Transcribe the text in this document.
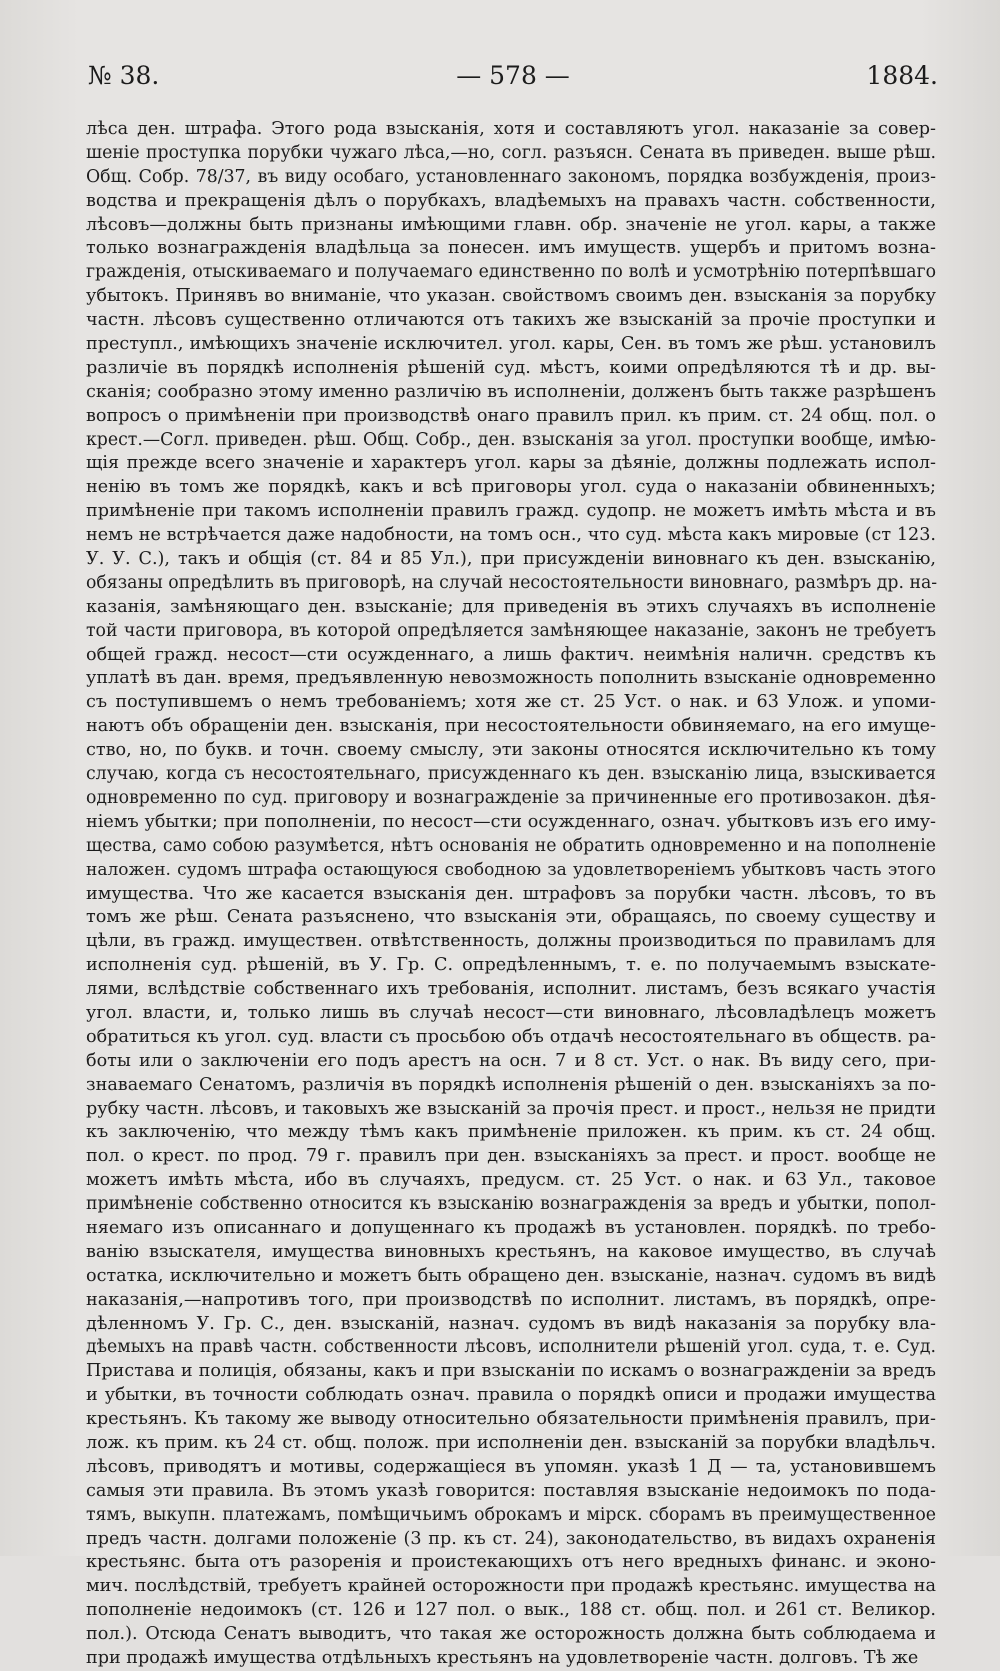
№ 38.	— 578 —	1884.
лѣса ден. штрафа. Этого рода взысканія, хотя и составляютъ угол. наказаніе за совер-
шеніе проступка порубки чужаго лѣса,—но, согл. разъясн. Сената въ приведен. выше рѣш.
Общ. Собр. 78/37, въ виду особаго, установленнаго закономъ, порядка возбужденія, произ-
водства и прекращенія дѣлъ о порубкахъ, владѣемыхъ на правахъ частн. собственности,
лѣсовъ—должны быть признаны имѣющими главн. обр. значеніе не угол. кары, а также
только вознагражденія владѣльца за понесен. имъ имуществ. ущербъ и притомъ возна-
гражденія, отыскиваемаго и получаемаго единственно по волѣ и усмотрѣнію потерпѣвшаго
убытокъ. Принявъ во вниманіе, что указан. свойствомъ своимъ ден. взысканія за порубку
частн. лѣсовъ существенно отличаются отъ такихъ же взысканій за прочіе проступки и
преступл., имѣющихъ значеніе исключител. угол. кары, Сен. въ томъ же рѣш. установилъ
различіе въ порядкѣ исполненія рѣшеній суд. мѣстъ, коими опредѣляются тѣ и др. вы-
сканія; сообразно этому именно различію въ исполненіи, долженъ быть также разрѣшенъ
вопросъ о примѣненіи при производствѣ онаго правилъ прил. къ прим. ст. 24 общ. пол. о
крест.—Согл. приведен. рѣш. Общ. Собр., ден. взысканія за угол. проступки вообще, имѣю-
щія прежде всего значеніе и характеръ угол. кары за дѣяніе, должны подлежать испол-
ненію въ томъ же порядкѣ, какъ и всѣ приговоры угол. суда о наказаніи обвиненныхъ;
примѣненіе при такомъ исполненіи правилъ гражд. судопр. не можетъ имѣть мѣста и въ
немъ не встрѣчается даже надобности, на томъ осн., что суд. мѣста какъ мировые (ст 123.
У. У. С.), такъ и общія (ст. 84 и 85 Ул.), при присужденіи виновнаго къ ден. взысканію,
обязаны опредѣлить въ приговорѣ, на случай несостоятельности виновнаго, размѣръ др. на-
казанія, замѣняющаго ден. взысканіе; для приведенія въ этихъ случаяхъ въ исполненіе
той части приговора, въ которой опредѣляется замѣняющее наказаніе, законъ не требуетъ
общей гражд. несост—сти осужденнаго, а лишь фактич. неимѣнія наличн. средствъ къ
уплатѣ въ дан. время, предъявленную невозможность пополнить взысканіе одновременно
съ поступившемъ о немъ требованіемъ; хотя же ст. 25 Уст. о нак. и 63 Улож. и упоми-
наютъ объ обращеніи ден. взысканія, при несостоятельности обвиняемаго, на его имуще-
ство, но, по букв. и точн. своему смыслу, эти законы относятся исключительно къ тому
случаю, когда съ несостоятельнаго, присужденнаго къ ден. взысканію лица, взыскивается
одновременно по суд. приговору и вознагражденіе за причиненные его противозакон. дѣя-
ніемъ убытки; при пополненіи, по несост—сти осужденнаго, означ. убытковъ изъ его иму-
щества, само собою разумѣется, нѣтъ основанія не обратить одновременно и на пополненіе
наложен. судомъ штрафа остающуюся свободною за удовлетвореніемъ убытковъ часть этого
имущества. Что же касается взысканія ден. штрафовъ за порубки частн. лѣсовъ, то въ
томъ же рѣш. Сената разъяснено, что взысканія эти, обращаясь, по своему существу и
цѣли, въ гражд. имуществен. отвѣтственность, должны производиться по правиламъ для
исполненія суд. рѣшеній, въ У. Гр. С. опредѣленнымъ, т. е. по получаемымъ взыскате-
лями, вслѣдствіе собственнаго ихъ требованія, исполнит. листамъ, безъ всякаго участія
угол. власти, и, только лишь въ случаѣ несост—сти виновнаго, лѣсовладѣлецъ можетъ
обратиться къ угол. суд. власти съ просьбою объ отдачѣ несостоятельнаго въ обществ. ра-
боты или о заключеніи его подъ арестъ на осн. 7 и 8 ст. Уст. о нак. Въ виду сего, при-
знаваемаго Сенатомъ, различія въ порядкѣ исполненія рѣшеній о ден. взысканіяхъ за по-
рубку частн. лѣсовъ, и таковыхъ же взысканій за прочія прест. и прост., нельзя не придти
къ заключенію, что между тѣмъ какъ примѣненіе приложен. къ прим. къ ст. 24 общ.
пол. о крест. по прод. 79 г. правилъ при ден. взысканіяхъ за прест. и прост. вообще не
можетъ имѣть мѣста, ибо въ случаяхъ, предусм. ст. 25 Уст. о нак. и 63 Ул., таковое
примѣненіе собственно относится къ взысканію вознагражденія за вредъ и убытки, попол-
няемаго изъ описаннаго и допущеннаго къ продажѣ въ установлен. порядкѣ. по требо-
ванію взыскателя, имущества виновныхъ крестьянъ, на каковое имущество, въ случаѣ
остатка, исключительно и можетъ быть обращено ден. взысканіе, назнач. судомъ въ видѣ
наказанія,—напротивъ того, при производствѣ по исполнит. листамъ, въ порядкѣ, опре-
дѣленномъ У. Гр. С., ден. взысканій, назнач. судомъ въ видѣ наказанія за порубку вла-
дѣемыхъ на правѣ частн. собственности лѣсовъ, исполнители рѣшеній угол. суда, т. е. Суд.
Пристава и полиція, обязаны, какъ и при взысканіи по искамъ о вознагражденіи за вредъ
и убытки, въ точности соблюдать означ. правила о порядкѣ описи и продажи имущества
крестьянъ. Къ такому же выводу относительно обязательности примѣненія правилъ, при-
лож. къ прим. къ 24 ст. общ. полож. при исполненіи ден. взысканій за порубки владѣльч.
лѣсовъ, приводятъ и мотивы, содержащіеся въ упомян. указѣ 1 Д — та, установившемъ
самыя эти правила. Въ этомъ указѣ говорится: поставляя взысканіе недоимокъ по пода-
тямъ, выкупн. платежамъ, помѣщичьимъ оброкамъ и мірск. сборамъ въ преимущественное
предъ частн. долгами положеніе (3 пр. къ ст. 24), законодательство, въ видахъ охраненія
крестьянс. быта отъ разоренія и проистекающихъ отъ него вредныхъ финанс. и эконо-
мич. послѣдствій, требуетъ крайней осторожности при продажѣ крестьянс. имущества на
пополненіе недоимокъ (ст. 126 и 127 пол. о вык., 188 ст. общ. пол. и 261 ст. Великор.
пол.). Отсюда Сенатъ выводитъ, что такая же осторожность должна быть соблюдаема и
при продажѣ имущества отдѣльныхъ крестьянъ на удовлетвореніе частн. долговъ. Тѣ же
